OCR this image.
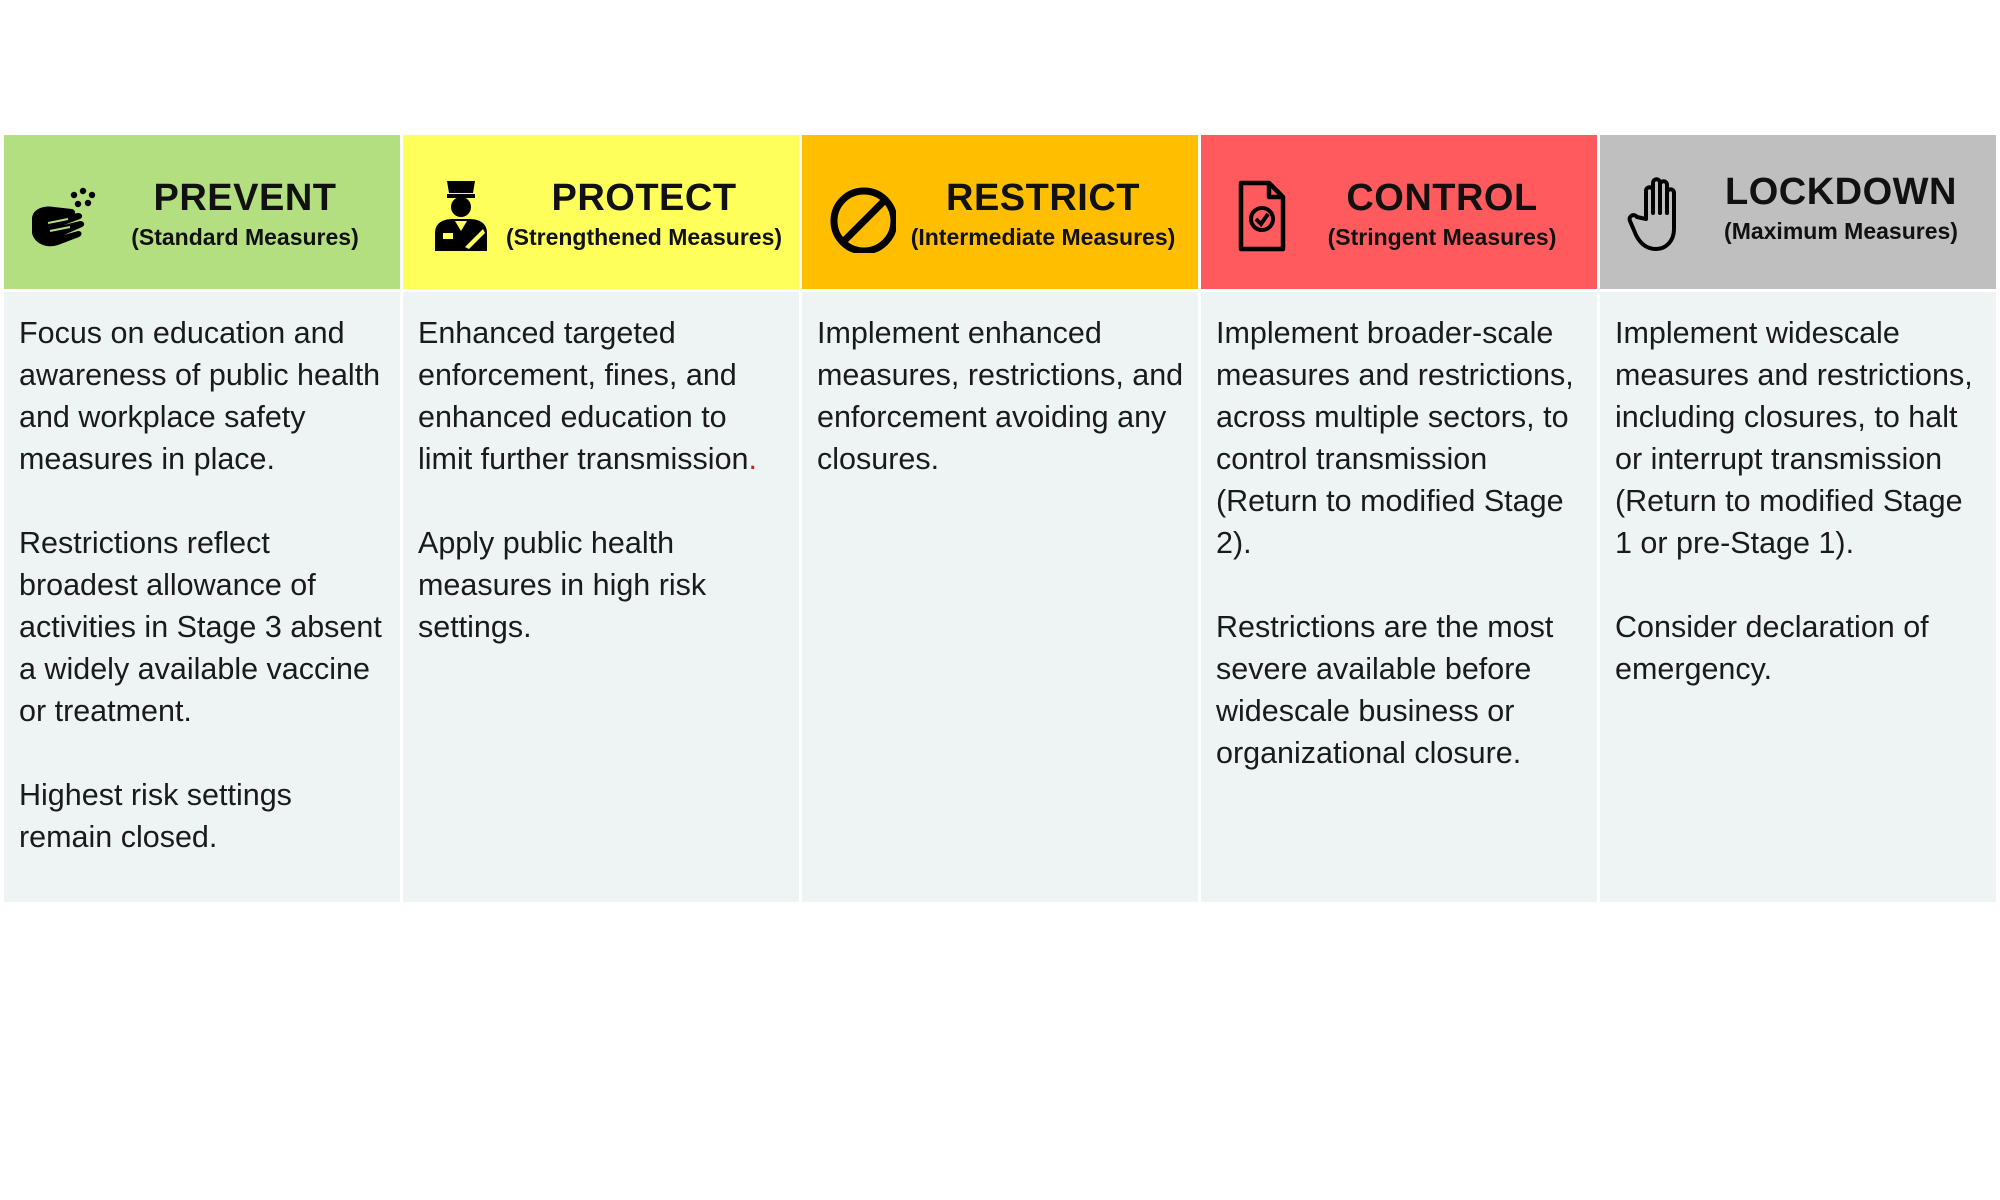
PREVENT
(Standard Measures)

Focus on education and awareness of public health and workplace safety measures in place.

Restrictions reflect broadest allowance of activities in Stage 3 absent a widely available vaccine or treatment.

Highest risk settings remain closed.

PROTECT
(Strengthened Measures)

Enhanced targeted enforcement, fines, and enhanced education to limit further transmission.

Apply public health measures in high risk settings.

RESTRICT
(Intermediate Measures)

Implement enhanced measures, restrictions, and enforcement avoiding any closures.

CONTROL
(Stringent Measures)

Implement broader-scale measures and restrictions, across multiple sectors, to control transmission (Return to modified Stage 2).

Restrictions are the most severe available before widescale business or organizational closure.

LOCKDOWN
(Maximum Measures)

Implement widescale measures and restrictions, including closures, to halt or interrupt transmission (Return to modified Stage 1 or pre-Stage 1).

Consider declaration of emergency.
